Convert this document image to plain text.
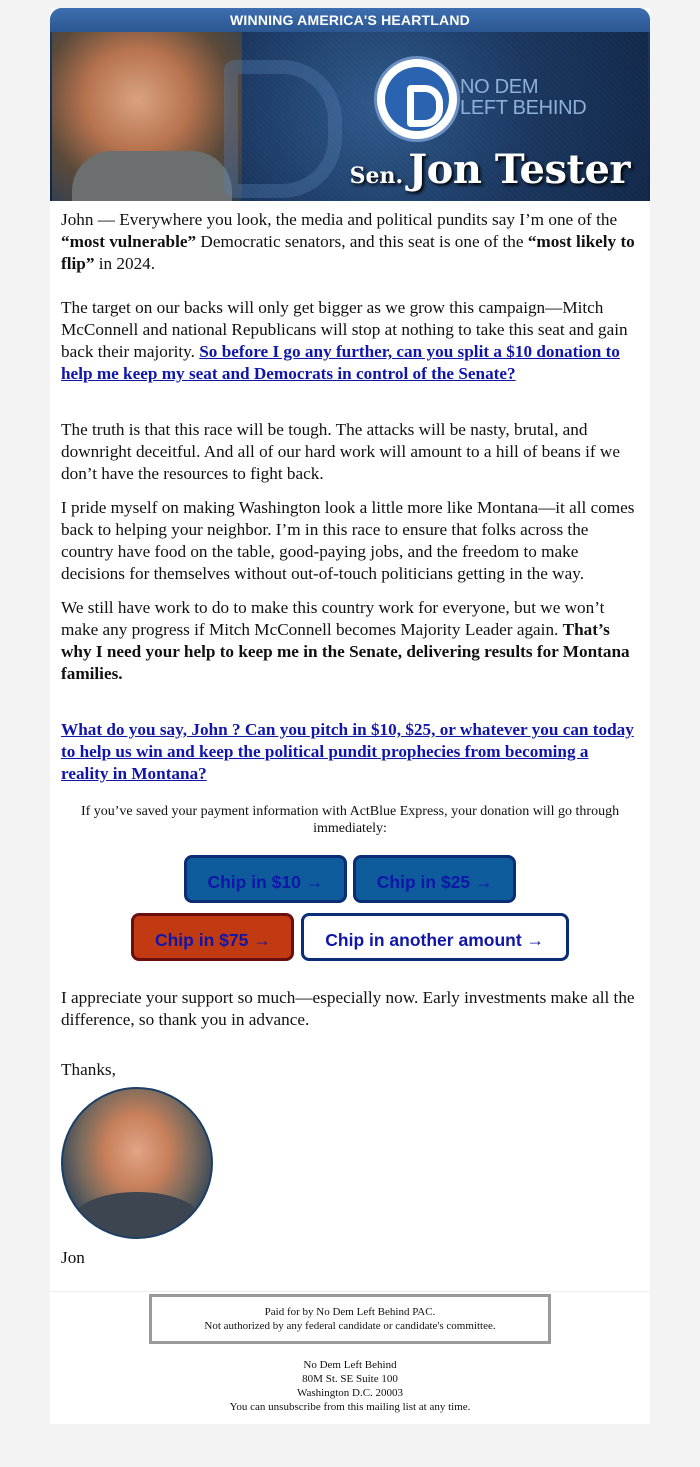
WINNING AMERICA'S HEARTLAND
NO DEM
LEFT BEHIND
Sen. Jon Tester

John — Everywhere you look, the media and political pundits say I’m one of the “most vulnerable” Democratic senators, and this seat is one of the “most likely to flip” in 2024.

The target on our backs will only get bigger as we grow this campaign—Mitch McConnell and national Republicans will stop at nothing to take this seat and gain back their majority. So before I go any further, can you split a $10 donation to help me keep my seat and Democrats in control of the Senate?

The truth is that this race will be tough. The attacks will be nasty, brutal, and downright deceitful. And all of our hard work will amount to a hill of beans if we don’t have the resources to fight back.

I pride myself on making Washington look a little more like Montana—it all comes back to helping your neighbor. I’m in this race to ensure that folks across the country have food on the table, good-paying jobs, and the freedom to make decisions for themselves without out-of-touch politicians getting in the way.

We still have work to do to make this country work for everyone, but we won’t make any progress if Mitch McConnell becomes Majority Leader again. That’s why I need your help to keep me in the Senate, delivering results for Montana families.

What do you say, John ? Can you pitch in $10, $25, or whatever you can today to help us win and keep the political pundit prophecies from becoming a reality in Montana?

If you’ve saved your payment information with ActBlue Express, your donation will go through immediately:
Chip in $10 →	Chip in $25 →
Chip in $75 →	Chip in another amount →

I appreciate your support so much—especially now. Early investments make all the difference, so thank you in advance.

Thanks,
Jon
Paid for by No Dem Left Behind PAC.
Not authorized by any federal candidate or candidate's committee.
No Dem Left Behind
80M St. SE Suite 100
Washington D.C. 20003
You can unsubscribe from this mailing list at any time.
